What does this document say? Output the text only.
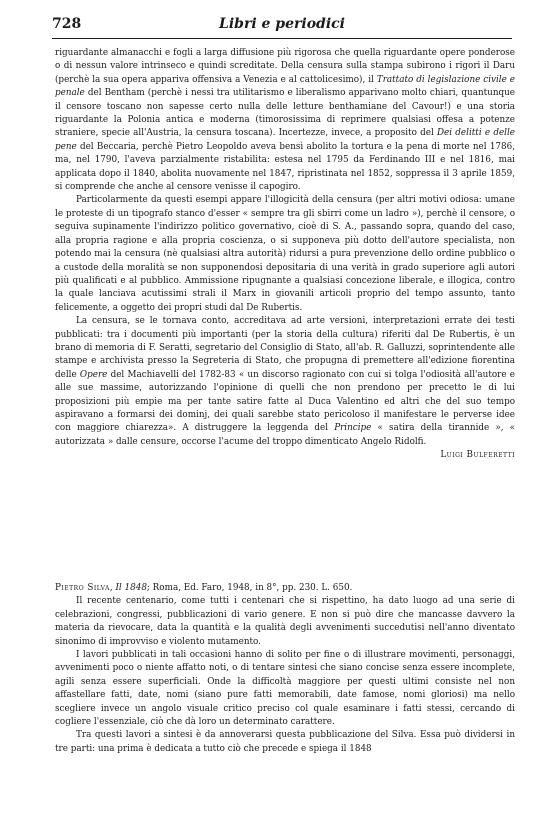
728	Libri e periodici

riguardante almanacchi e fogli a larga diffusione più rigorosa che quella riguardante opere ponderose o di nessun valore intrinseco e quindi screditate. Della censura sulla stampa subirono i rigori il Daru (perchè la sua opera appariva offensiva a Venezia e al cattolicesimo), il Trattato di legislazione civile e penale del Bentham (perchè i nessi tra utilitarismo e liberalismo apparivano molto chiari, quantunque il censore toscano non sapesse certo nulla delle letture benthamiane del Cavour!) e una storia riguardante la Polonia antica e moderna (timorosissima di reprimere qualsiasi offesa a potenze straniere, specie all'Austria, la censura toscana). Incertezze, invece, a proposito del Dei delitti e delle pene del Beccaria, perchè Pietro Leopoldo aveva bensì abolito la tortura e la pena di morte nel 1786, ma, nel 1790, l'aveva parzialmente ristabilita: estesa nel 1795 da Ferdinando III e nel 1816, mai applicata dopo il 1840, abolita nuovamente nel 1847, ripristinata nel 1852, soppressa il 3 aprile 1859, si comprende che anche al censore venisse il capogiro.

Particolarmente da questi esempi appare l'illogicità della censura (per altri motivi odiosa: umane le proteste di un tipografo stanco d'esser « sempre tra gli sbirri come un ladro »), perchè il censore, o seguiva supinamente l'indirizzo politico governativo, cioè di S. A., passando sopra, quando del caso, alla propria ragione e alla propria coscienza, o si supponeva più dotto dell'autore specialista, non potendo mai la censura (nè qualsiasi altra autorità) ridursi a pura prevenzione dello ordine pubblico o a custode della moralità se non supponendosi depositaria di una verità in grado superiore agli autori più qualificati e al pubblico. Ammissione ripugnante a qualsiasi concezione liberale, e illogica, contro la quale lanciava acutissimi strali il Marx in giovanili articoli proprio del tempo assunto, tanto felicemente, a oggetto dei propri studi dal De Rubertis.

La censura, se le tornava conto, accreditava ad arte versioni, interpretazioni errate dei testi pubblicati: tra i documenti più importanti (per la storia della cultura) riferiti dal De Rubertis, è un brano di memoria di F. Seratti, segretario del Consiglio di Stato, all'ab. R. Galluzzi, soprintendente alle stampe e archivista presso la Segreteria di Stato, che propugna di premettere all'edizione fiorentina delle Opere del Machiavelli del 1782-83 « un discorso ragionato con cui si tolga l'odiosità all'autore e alle sue massime, autorizzando l'opinione di quelli che non prendono per precetto le di lui proposizioni più empie ma per tante satire fatte al Duca Valentino ed altri che del suo tempo aspiravano a formarsi dei dominj, dei quali sarebbe stato pericoloso il manifestare le perverse idee con maggiore chiarezza». A distruggere la leggenda del Principe « satira della tirannide », « autorizzata » dalle censure, occorse l'acume del troppo dimenticato Angelo Ridolfi.
Luigi Bulferetti

Pietro Silva, Il 1848; Roma, Ed. Faro, 1948, in 8°, pp. 230. L. 650.

Il recente centenario, come tutti i centenari che si rispettino, ha dato luogo ad una serie di celebrazioni, congressi, pubblicazioni di vario genere. E non si può dire che mancasse davvero la materia da rievocare, data la quantità e la qualità degli avvenimenti succedutisi nell'anno diventato sinonimo di improvviso e violento mutamento.

I lavori pubblicati in tali occasioni hanno di solito per fine o di illustrare movimenti, personaggi, avvenimenti poco o niente affatto noti, o di tentare sintesi che siano concise senza essere incomplete, agili senza essere superficiali. Onde la difficoltà maggiore per questi ultimi consiste nel non affastellare fatti, date, nomi (siano pure fatti memorabili, date famose, nomi gloriosi) ma nello scegliere invece un angolo visuale critico preciso col quale esaminare i fatti stessi, cercando di cogliere l'essenziale, ciò che dà loro un determinato carattere.

Tra questi lavori a sintesi è da annoverarsi questa pubblicazione del Silva. Essa può dividersi in tre parti: una prima è dedicata a tutto ciò che precede e spiega il 1848
